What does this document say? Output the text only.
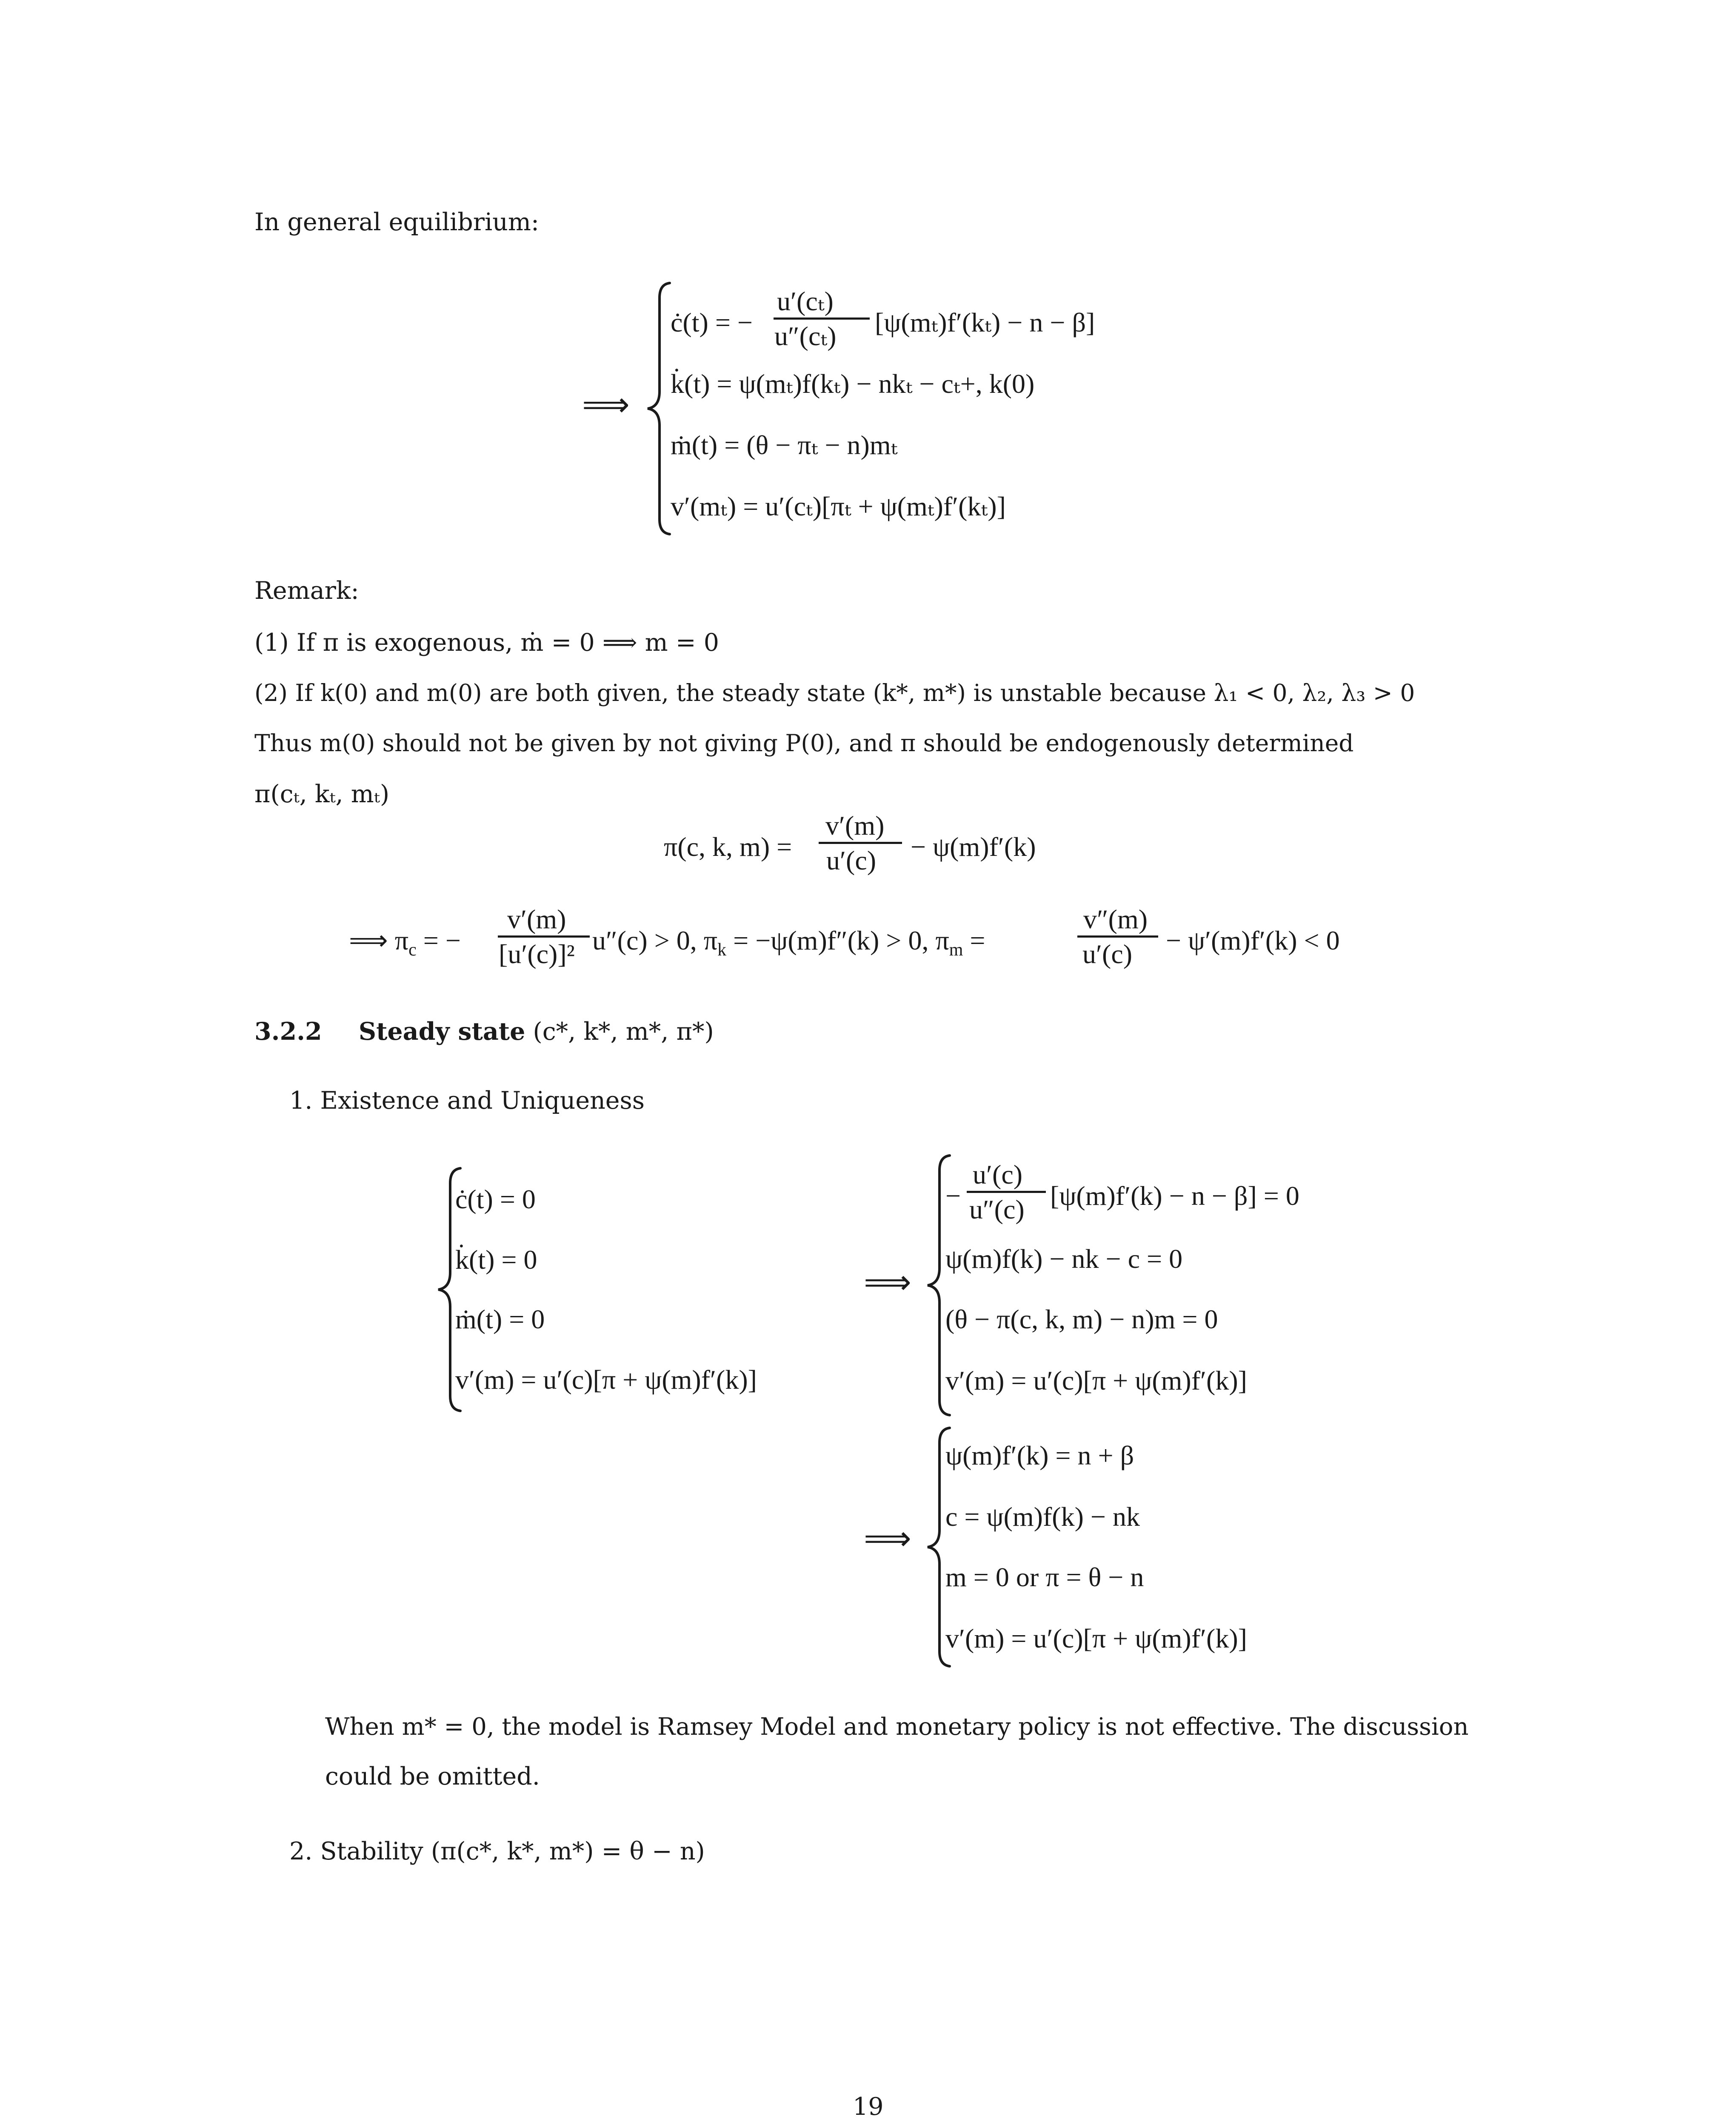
In general equilibrium:
⟹
ċ(t) = −
u′(cₜ)
u″(cₜ) [ψ(mₜ)f′(kₜ) − n − β]
k̇(t) = ψ(mₜ)f(kₜ) − nkₜ − cₜ+, k(0)
ṁ(t) = (θ − πₜ − n)mₜ
v′(mₜ) = u′(cₜ)[πₜ + ψ(mₜ)f′(kₜ)]
Remark:
(1) If π is exogenous, ṁ = 0 ⟹ m = 0
(2) If k(0) and m(0) are both given, the steady state (k*, m*) is unstable because λ₁ < 0, λ₂, λ₃ > 0
Thus m(0) should not be given by not giving P(0), and π should be endogenously determined
π(cₜ, kₜ, mₜ)
π(c, k, m) =
v′(m)
u′(c) − ψ(m)f′(k)
⟹ $\pi_c$ = −
v′(m)
[u′(c)]² u″(c) > 0, $\pi_k = -\psi(m)f''(k) > 0$, $\pi_m$ =
v″(m)
u′(c) − ψ′(m)f′(k) < 0
3.2.2 Steady state (c*, k*, m*, π*)
1. Existence and Uniqueness
ċ(t) = 0
k̇(t) = 0
ṁ(t) = 0
v′(m) = u′(c)[π + ψ(m)f′(k)]
⟹
−
u′(c)
u″(c) [ψ(m)f′(k) − n − β] = 0
ψ(m)f(k) − nk − c = 0
(θ − π(c, k, m) − n)m = 0
v′(m) = u′(c)[π + ψ(m)f′(k)]
⟹
ψ(m)f′(k) = n + β
c = ψ(m)f(k) − nk
m = 0 or π = θ − n
v′(m) = u′(c)[π + ψ(m)f′(k)]
When m* = 0, the model is Ramsey Model and monetary policy is not effective. The discussion
could be omitted.
2. Stability (π(c*, k*, m*) = θ − n)
19
